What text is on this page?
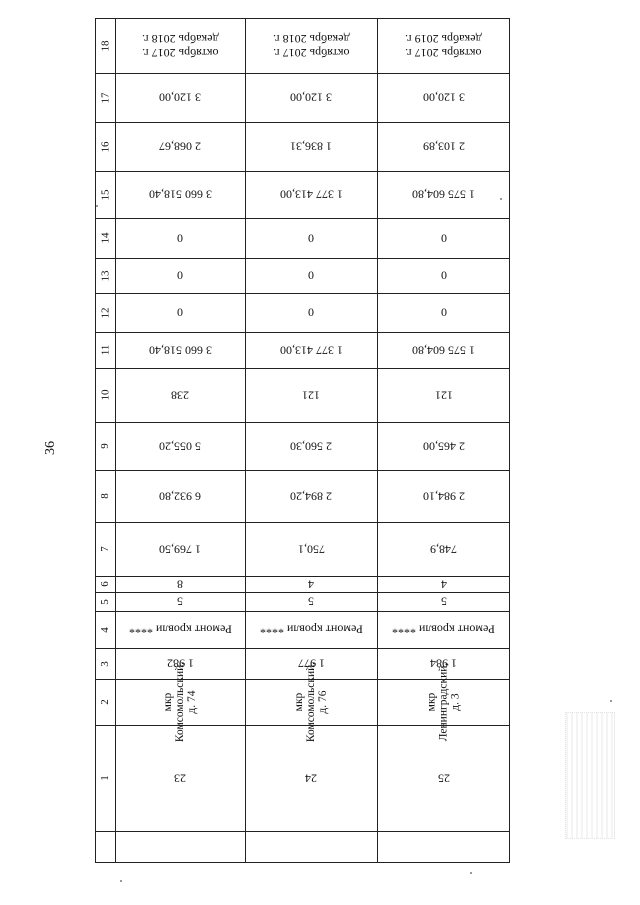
36
18
17
16
15
14
13
12
11
10
9
8
7
6
5
4
3
2
1
октябрь 2017 г.
декабрь 2018 г.
3 120,00
2 068,67
3 660 518,40
0
0
0
3 660 518,40
238
5 055,20
6 932,80
1 769,50
8
5
Ремонт кровли ****
1 982
мкр Комсомольский, д. 74
23
октябрь 2017 г.
декабрь 2018 г.
3 120,00
1 836,31
1 377 413,00
0
0
0
1 377 413,00
121
2 560,30
2 894,20
750,1
4
5
Ремонт кровли ****
1 977
мкр Комсомольский, д. 76
24
октябрь 2017 г.
декабрь 2019 г.
3 120,00
2 103,89
1 575 604,80
0
0
0
1 575 604,80
121
2 465,00
2 984,10
748,9
4
5
Ремонт кровли ****
1 984
мкр Ленинградский, д. 3
25
